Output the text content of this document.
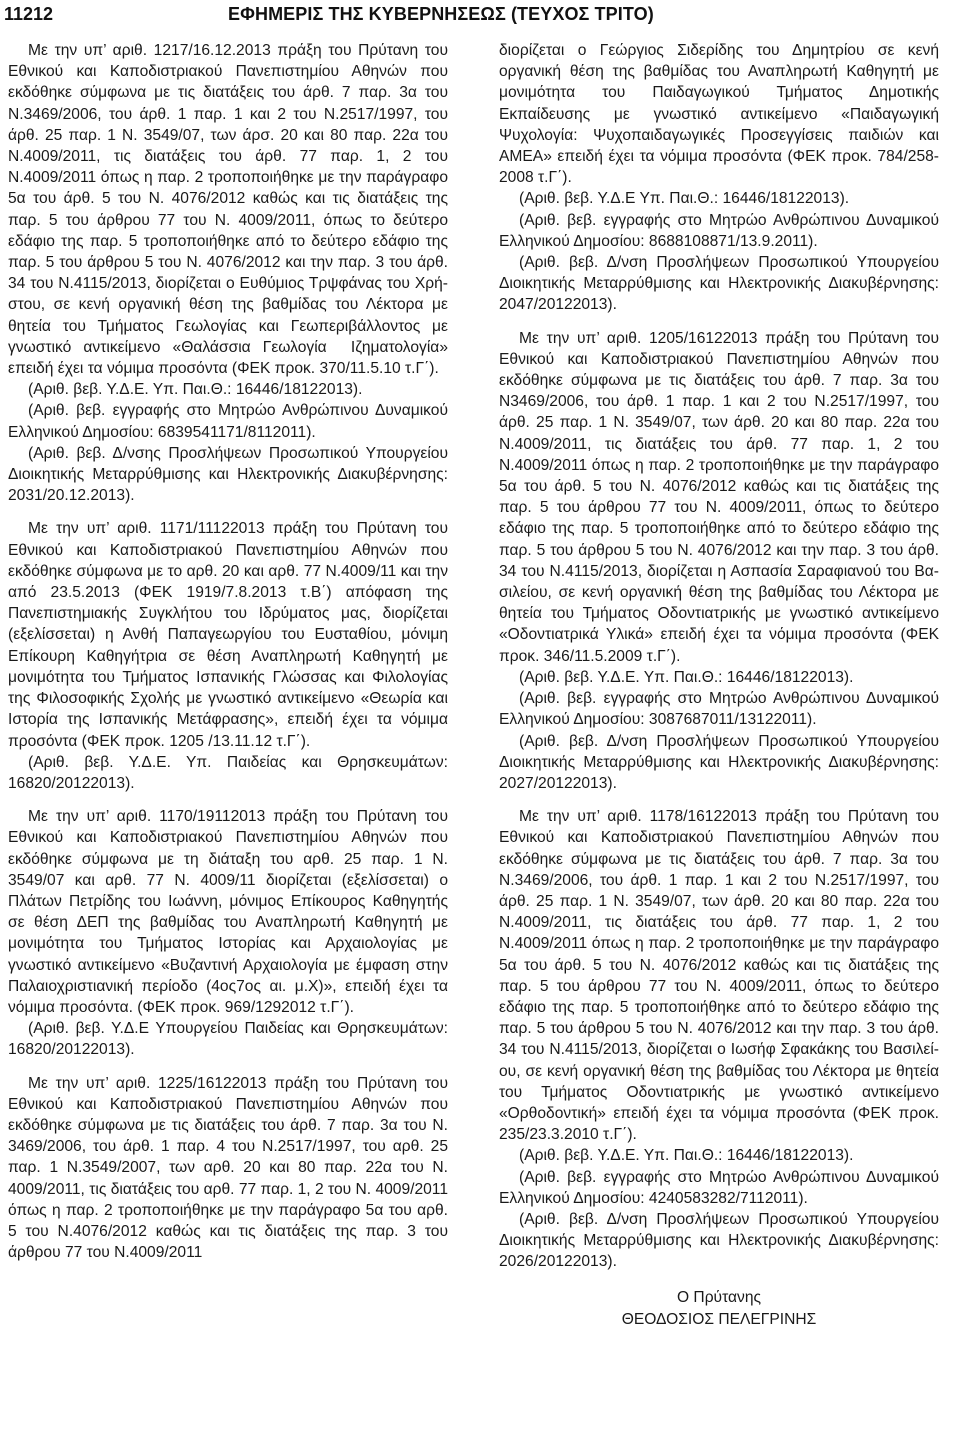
11212	ΕΦΗΜΕΡΙΣ ΤΗΣ ΚΥΒΕΡΝΗΣΕΩΣ (ΤΕΥΧΟΣ ΤΡΙΤΟ)

Με την υπ’ αριθ. 1217/16.12.2013 πράξη του Πρύτανη του Εθνικού και Καποδιστριακού Πανεπιστημίου Αθηνών που εκδόθηκε σύμφωνα με τις διατάξεις του άρθ. 7 παρ. 3α του Ν.3469/2006, του άρθ. 1 παρ. 1 και 2 του Ν.2517/1997, του άρθ. 25 παρ. 1 Ν. 3549/07, των άρσ. 20 και 80 παρ. 22α του Ν.4009/2011, τις διατάξεις του άρθ. 77 παρ. 1, 2 του Ν.4009/2011 όπως η παρ. 2 τροποποιήθηκε με την παράγραφο 5α του άρθ. 5 του Ν. 4076/2012 καθώς και τις διατάξεις της παρ. 5 του άρθρου 77 του Ν. 4009/2011, όπως το δεύτερο εδάφιο της παρ. 5 τροποποιήθηκε από το δεύτερο εδάφιο της παρ. 5 του άρθρου 5 του Ν. 4076/2012 και την παρ. 3 του άρθ. 34 του Ν.4115/2013, διορίζεται ο Ευθύμιος Τρψφάνας του Χρήστου, σε κενή οργανική θέση της βαθμίδας του Λέκτορα με θητεία του Τμήματος Γεωλογίας και Γεωπεριβάλλοντος με γνωστικό αντικείμενο «Θαλάσσια Γεωλογία Ιζηματολογία» επειδή έχει τα νόμιμα προσόντα (ΦΕΚ προκ. 370/11.5.10 τ.Γ΄).

(Αριθ. βεβ. Υ.Δ.Ε. Υπ. Παι.Θ.: 16446/18122013).

(Αριθ. βεβ. εγγραφής στο Μητρώο Ανθρώπινου Δυναμικού Ελληνικού Δημοσίου: 6839541171/8112011).

(Αριθ. βεβ. Δ/νσης Προσλήψεων Προσωπικού Υπουργείου Διοικητικής Μεταρρύθμισης και Ηλεκτρονικής Διακυβέρνησης: 2031/20.12.2013).

Με την υπ’ αριθ. 1171/11122013 πράξη του Πρύτανη του Εθνικού και Καποδιστριακού Πανεπιστημίου Αθηνών που εκδόθηκε σύμφωνα με το αρθ. 20 και αρθ. 77 Ν.4009/11 και την από 23.5.2013 (ΦΕΚ 1919/7.8.2013 τ.Β΄) απόφαση της Πανεπιστημιακής Συγκλήτου του Ιδρύματος μας, διορίζεται (εξελίσσεται) η Ανθή Παπαγεωργίου του Ευσταθίου, μόνιμη Επίκουρη Καθηγήτρια σε θέση Αναπληρωτή Καθηγητή με μονιμότητα του Τμήματος Ισπανικής Γλώσσας και Φιλολογίας της Φιλοσοφικής Σχολής με γνωστικό αντικείμενο «Θεωρία και Ιστορία της Ισπανικής Μετάφρασης», επειδή έχει τα νόμιμα προσόντα (ΦΕΚ προκ. 1205 /13.11.12 τ.Γ΄).

(Αριθ. βεβ. Υ.Δ.Ε. Υπ. Παιδείας και Θρησκευμάτων: 16820/20122013).

Με την υπ’ αριθ. 1170/19112013 πράξη του Πρύτανη του Εθνικού και Καποδιστριακού Πανεπιστημίου Αθηνών που εκδόθηκε σύμφωνα με τη διάταξη του αρθ. 25 παρ. 1 Ν. 3549/07 και αρθ. 77 Ν. 4009/11 διορίζεται (εξελίσσεται) ο Πλάτων Πετρίδης του Ιωάννη, μόνιμος Επίκουρος Καθηγητής σε θέση ΔΕΠ της βαθμίδας του Αναπληρωτή Καθηγητή με μονιμότητα του Τμήματος Ιστορίας και Αρχαιολογίας με γνωστικό αντικείμενο «Βυζαντινή Αρχαιολογία με έμφαση στην Παλαιοχριστιανική περίοδο (4ος7ος αι. μ.Χ)», επειδή έχει τα νόμιμα προσόντα. (ΦΕΚ προκ. 969/1292012 τ.Γ΄).

(Αριθ. βεβ. Υ.Δ.Ε Υπουργείου Παιδείας και Θρησκευμάτων: 16820/20122013).

Με την υπ’ αριθ. 1225/16122013 πράξη του Πρύτανη του Εθνικού και Καποδιστριακού Πανεπιστημίου Αθηνών που εκδόθηκε σύμφωνα με τις διατάξεις του άρθ. 7 παρ. 3α του Ν. 3469/2006, του άρθ. 1 παρ. 4 του Ν.2517/1997, του αρθ. 25 παρ. 1 Ν.3549/2007, των αρθ. 20 και 80 παρ. 22α του Ν. 4009/2011, τις διατάξεις του αρθ. 77 παρ. 1, 2 του Ν. 4009/2011 όπως η παρ. 2 τροποποιήθηκε με την παράγραφο 5α του αρθ. 5 του Ν.4076/2012 καθώς και τις διατάξεις της παρ. 3 του άρθρου 77 του Ν.4009/2011

διορίζεται ο Γεώργιος Σιδερίδης του Δημητρίου σε κενή οργανική θέση της βαθμίδας του Αναπληρωτή Καθηγητή με μονιμότητα του Παιδαγωγικού Τμήματος Δημοτικής Εκπαίδευσης με γνωστικό αντικείμενο «Παιδαγωγική Ψυχολογία: Ψυχοπαιδαγωγικές Προσεγγίσεις παιδιών και ΑΜΕΑ» επειδή έχει τα νόμιμα προσόντα (ΦΕΚ προκ. 784/2582008 τ.Γ΄).

(Αριθ. βεβ. Υ.Δ.Ε Υπ. Παι.Θ.: 16446/18122013).

(Αριθ. βεβ. εγγραφής στο Μητρώο Ανθρώπινου Δυναμικού Ελληνικού Δημοσίου: 8688108871/13.9.2011).

(Αριθ. βεβ. Δ/νση Προσλήψεων Προσωπικού Υπουργείου Διοικητικής Μεταρρύθμισης και Ηλεκτρονικής Διακυβέρνησης: 2047/20122013).

Με την υπ’ αριθ. 1205/16122013 πράξη του Πρύτανη του Εθνικού και Καποδιστριακού Πανεπιστημίου Αθηνών που εκδόθηκε σύμφωνα με τις διατάξεις του άρθ. 7 παρ. 3α του Ν3469/2006, του άρθ. 1 παρ. 1 και 2 του Ν.2517/1997, του άρθ. 25 παρ. 1 Ν. 3549/07, των άρθ. 20 και 80 παρ. 22α του Ν.4009/2011, τις διατάξεις του άρθ. 77 παρ. 1, 2 του Ν.4009/2011 όπως η παρ. 2 τροποποιήθηκε με την παράγραφο 5α του άρθ. 5 του Ν. 4076/2012 καθώς και τις διατάξεις της παρ. 5 του άρθρου 77 του Ν. 4009/2011, όπως το δεύτερο εδάφιο της παρ. 5 τροποποιήθηκε από το δεύτερο εδάφιο της παρ. 5 του άρθρου 5 του Ν. 4076/2012 και την παρ. 3 του άρθ. 34 του Ν.4115/2013, διορίζεται η Ασπασία Σαραφιανού του Βασιλείου, σε κενή οργανική θέση της βαθμίδας του Λέκτορα με θητεία του Τμήματος Οδοντιατρικής με γνωστικό αντικείμενο «Οδοντιατρικά Υλικά» επειδή έχει τα νόμιμα προσόντα (ΦΕΚ προκ. 346/11.5.2009 τ.Γ΄).

(Αριθ. βεβ. Υ.Δ.Ε. Υπ. Παι.Θ.: 16446/18122013).

(Αριθ. βεβ. εγγραφής στο Μητρώο Ανθρώπινου Δυναμικού Ελληνικού Δημοσίου: 3087687011/13122011).

(Αριθ. βεβ. Δ/νση Προσλήψεων Προσωπικού Υπουργείου Διοικητικής Μεταρρύθμισης και Ηλεκτρονικής Διακυβέρνησης: 2027/20122013).

Με την υπ’ αριθ. 1178/16122013 πράξη του Πρύτανη του Εθνικού και Καποδιστριακού Πανεπιστημίου Αθηνών που εκδόθηκε σύμφωνα με τις διατάξεις του άρθ. 7 παρ. 3α του Ν.3469/2006, του άρθ. 1 παρ. 1 και 2 του Ν.2517/1997, του άρθ. 25 παρ. 1 Ν. 3549/07, των άρθ. 20 και 80 παρ. 22α του Ν.4009/2011, τις διατάξεις του άρθ. 77 παρ. 1, 2 του Ν.4009/2011 όπως η παρ. 2 τροποποιήθηκε με την παράγραφο 5α του άρθ. 5 του Ν. 4076/2012 καθώς και τις διατάξεις της παρ. 5 του άρθρου 77 του Ν. 4009/2011, όπως το δεύτερο εδάφιο της παρ. 5 τροποποιήθηκε από το δεύτερο εδάφιο της παρ. 5 του άρθρου 5 του Ν. 4076/2012 και την παρ. 3 του άρθ. 34 του Ν.4115/2013, διορίζεται ο Ιωσήφ Σφακάκης του Βασιλείου, σε κενή οργανική θέση της βαθμίδας του Λέκτορα με θητεία του Τμήματος Οδοντιατρικής με γνωστικό αντικείμενο «Ορθοδοντική» επειδή έχει τα νόμιμα προσόντα (ΦΕΚ προκ. 235/23.3.2010 τ.Γ΄).

(Αριθ. βεβ. Υ.Δ.Ε. Υπ. Παι.Θ.: 16446/18122013).

(Αριθ. βεβ. εγγραφής στο Μητρώο Ανθρώπινου Δυναμικού Ελληνικού Δημοσίου: 4240583282/7112011).

(Αριθ. βεβ. Δ/νση Προσλήψεων Προσωπικού Υπουργείου Διοικητικής Μεταρρύθμισης και Ηλεκτρονικής Διακυβέρνησης: 2026/20122013).

Ο Πρύτανης
ΘΕΟΔΟΣΙΟΣ ΠΕΛΕΓΡΙΝΗΣ
